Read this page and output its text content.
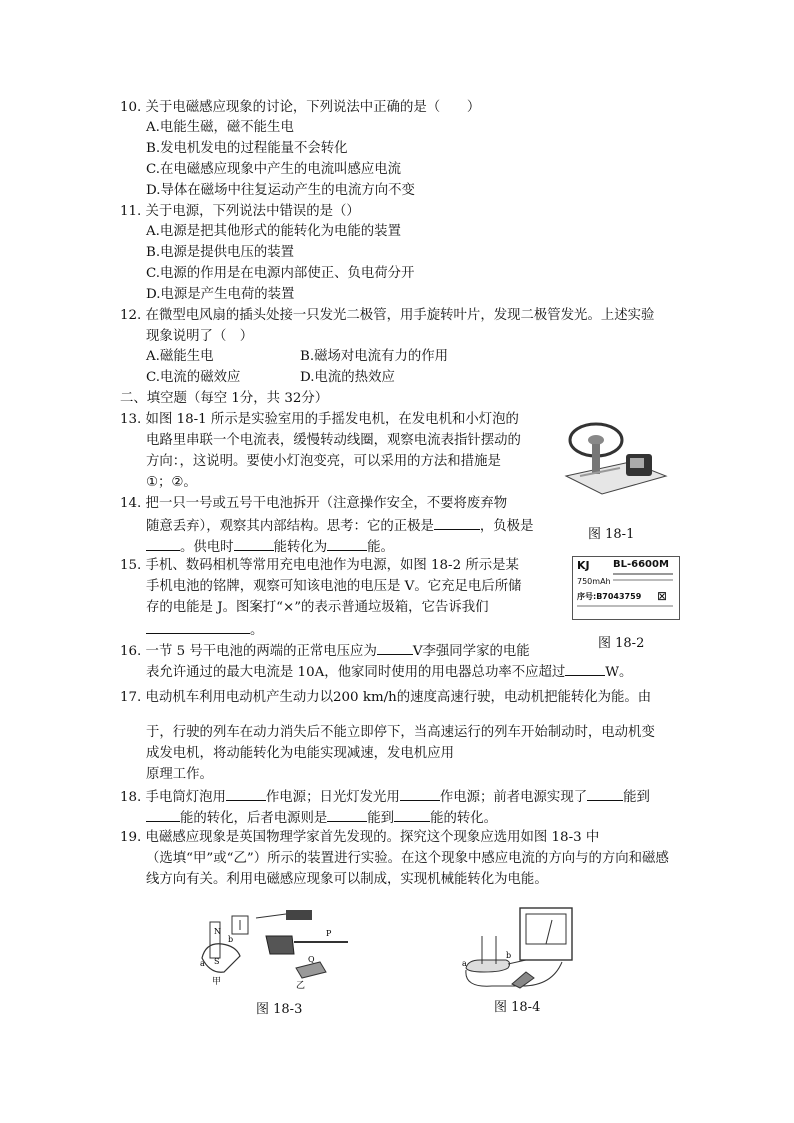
10. 关于电磁感应现象的讨论，下列说法中正确的是（　　）
A.电能生磁，磁不能生电
B.发电机发电的过程能量不会转化
C.在电磁感应现象中产生的电流叫感应电流
D.导体在磁场中往复运动产生的电流方向不变
11. 关于电源，下列说法中错误的是（）
A.电源是把其他形式的能转化为电能的装置
B.电源是提供电压的装置
C.电源的作用是在电源内部使正、负电荷分开
D.电源是产生电荷的装置
12. 在微型电风扇的插头处接一只发光二极管，用手旋转叶片，发现二极管发光。上述实验
现象说明了（　）
A.磁能生电	B.磁场对电流有力的作用
C.电流的磁效应	D.电流的热效应
二、填空题（每空 1分，共 32分）
13. 如图 18-1 所示是实验室用的手摇发电机，在发电机和小灯泡的
电路里串联一个电流表，缓慢转动线圈，观察电流表指针摆动的
方向：，这说明。要使小灯泡变亮，可以采用的方法和措施是
①；②。
14. 把一只一号或五号干电池拆开（注意操作安全，不要将废弃物
随意丢弃），观察其内部结构。思考：它的正极是	，负极是
。供电时	能转化为	能。
15. 手机、数码相机等常用充电电池作为电源，如图 18-2 所示是某
手机电池的铭牌，观察可知该电池的电压是 V。它充足电后所储
存的电能是 J。图案打“×”的表示普通垃圾箱，它告诉我们
。
16. 一节 5 号干电池的两端的正常电压应为	V李强同学家的电能
表允许通过的最大电流是 10A，他家同时使用的用电器总功率不应超过	W。
17. 电动机车利用电动机产生动力以200 km/h的速度高速行驶，电动机把能转化为能。由
于，行驶的列车在动力消失后不能立即停下，当高速运行的列车开始制动时，电动机变
成发电机，将动能转化为电能实现减速，发电机应用
原理工作。
18. 手电筒灯泡用	作电源；日光灯发光用	作电源；前者电源实现了	能到
能的转化，后者电源则是	能到	能的转化。
19. 电磁感应现象是英国物理学家首先发现的。探究这个现象应选用如图 18-3 中
（选填“甲”或“乙”）所示的装置进行实验。在这个现象中感应电流的方向与的方向和磁感
线方向有关。利用电磁感应现象可以制成，实现机械能转化为电能。
图 18-1
KJ BL-6600M
750mAh
序号:B7043759 ⊠
图 18-2
N
S
a
b
P
Q
甲	乙
图 18-3
a
b
图 18-4
